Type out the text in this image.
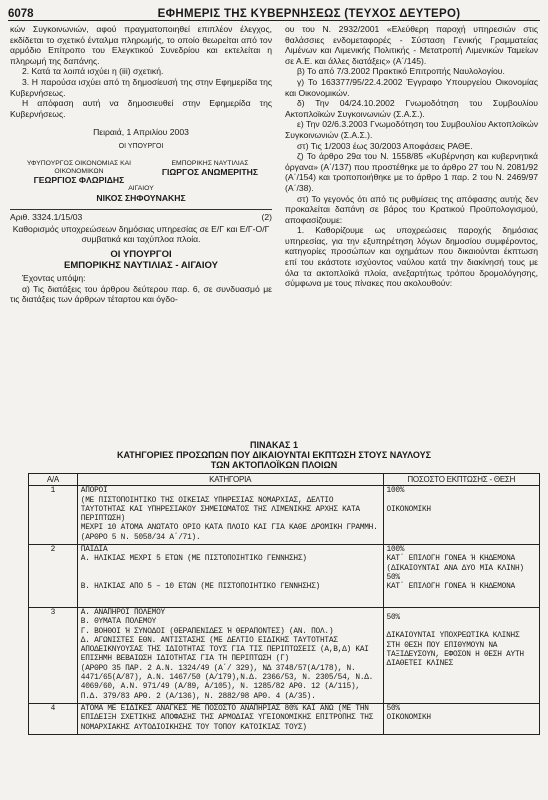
6078	ΕΦΗΜΕΡΙΣ ΤΗΣ ΚΥΒΕΡΝΗΣΕΩΣ (ΤΕΥΧΟΣ ΔΕΥΤΕΡΟ)

κών Συγκοινωνιών, αφού πραγματοποιηθεί επιπλέον έλεγχος, εκδίδεται το σχετικό ένταλμα πληρωμής, το οποίο θεωρείται από τον αρμόδιο Επίτροπο του Ελεγκτικού Συνεδρίου και εκτελείται η πληρωμή της δαπάνης.

2. Κατά τα λοιπά ισχύει η (iii) σχετική.

3. Η παρούσα ισχύει από τη δημοσίευσή της στην Εφημερίδα της Κυβερνήσεως.

Η απόφαση αυτή να δημοσιευθεί στην Εφημερίδα της Κυβερνήσεως.

Πειραιά, 1 Απριλίου 2003

ΟΙ ΥΠΟΥΡΓΟΙ

ΥΦΥΠΟΥΡΓΟΣ ΟΙΚΟΝΟΜΙΑΣ ΚΑΙ ΟΙΚΟΝΟΜΙΚΩΝ
ΓΕΩΡΓΙΟΣ ΦΛΩΡΙΔΗΣ
ΕΜΠΟΡΙΚΗΣ ΝΑΥΤΙΛΙΑΣ
ΓΙΩΡΓΟΣ ΑΝΩΜΕΡΙΤΗΣ
ΑΙΓΑΙΟΥ
ΝΙΚΟΣ ΣΗΦΟΥΝΑΚΗΣ
Αριθ. 3324.1/15/03	(2)

Καθορισμός υποχρεώσεων δημόσιας υπηρεσίας σε Ε/Γ και Ε/Γ-Ο/Γ συμβατικά και ταχύπλοα πλοία.

ΟΙ ΥΠΟΥΡΓΟΙ

ΕΜΠΟΡΙΚΗΣ ΝΑΥΤΙΛΙΑΣ - ΑΙΓΑΙΟΥ

Έχοντας υπόψη:

α) Τις διατάξεις του άρθρου δεύτερου παρ. 6, σε συνδυασμό με τις διατάξεις των άρθρων τέταρτου και όγδο-

ου του Ν. 2932/2001 «Ελεύθερη παροχή υπηρεσιών στις θαλάσσιες ενδομεταφορές - Σύσταση Γενικής Γραμματείας Λιμένων και Λιμενικής Πολιτικής - Μετατροπή Λιμενικών Ταμείων σε Α.Ε. και άλλες διατάξεις» (Α΄/145).

β) Το από 7/3.2002 Πρακτικό Επιτροπής Ναυλολογίου.

γ) Το 163377/95/22.4.2002 Έγγραφο Υπουργείου Οικονομίας και Οικονομικών.

δ) Την 04/24.10.2002 Γνωμοδότηση του Συμβουλίου Ακτοπλοϊκών Συγκοινωνιών (Σ.Α.Σ.).

ε) Την 02/6.3.2003 Γνωμοδότηση του Συμβουλίου Ακτοπλοϊκών Συγκοινωνιών (Σ.Α.Σ.).

στ) Τις 1/2003 έως 30/2003 Αποφάσεις ΡΑΘΕ.

ζ) Το άρθρο 29α του Ν. 1558/85 «Κυβέρνηση και κυβερνητικά όργανα» (Α΄/137) που προστέθηκε με το άρθρο 27 του Ν. 2081/92 (Α΄/154) και τροποποιήθηκε με το άρθρο 1 παρ. 2 του Ν. 2469/97 (Α΄/38).

στ) Το γεγονός ότι από τις ρυθμίσεις της απόφασης αυτής δεν προκαλείται δαπάνη σε βάρος του Κρατικού Προϋπολογισμού, αποφασίζουμε:

1. Καθορίζουμε ως υποχρεώσεις παροχής δημόσιας υπηρεσίας, για την εξυπηρέτηση λόγων δημοσίου συμφέροντος, κατηγορίες προσώπων και οχημάτων που δικαιούνται έκπτωση επί του εκάστοτε ισχύοντος ναύλου κατά την διακίνησή τους με όλα τα ακτοπλοϊκά πλοία, ανεξαρτήτως τρόπου δρομολόγησης, σύμφωνα με τους πίνακες που ακολουθούν:

ΠΙΝΑΚΑΣ 1
ΚΑΤΗΓΟΡΙΕΣ ΠΡΟΣΩΠΩΝ ΠΟΥ ΔΙΚΑΙΟΥΝΤΑΙ ΕΚΠΤΩΣΗ ΣΤΟΥΣ ΝΑΥΛΟΥΣ
ΤΩΝ ΑΚΤΟΠΛΟΪΚΩΝ ΠΛΟΙΩΝ
Α/Α	ΚΑΤΗΓΟΡΙΑ	ΠΟΣΟΣΤΟ ΕΚΠΤΩΣΗΣ - ΘΕΣΗ
1	ΑΠΟΡΟΙ
(ΜΕ ΠΙΣΤΟΠΟΙΗΤΙΚΟ ΤΗΣ ΟΙΚΕΙΑΣ ΥΠΗΡΕΣΙΑΣ ΝΟΜΑΡΧΙΑΣ, ΔΕΛΤΙΟ ΤΑΥΤΟΤΗΤΑΣ ΚΑΙ ΥΠΗΡΕΣΙΑΚΟΥ ΣΗΜΕΙΩΜΑΤΟΣ ΤΗΣ ΛΙΜΕΝΙΚΗΣ ΑΡΧΗΣ ΚΑΤΑ ΠΕΡΙΠΤΩΣΗ)
ΜΕΧΡΙ 10 ΑΤΟΜΑ ΑΝΩΤΑΤΟ ΟΡΙΟ ΚΑΤΑ ΠΛΟΙΟ ΚΑΙ ΓΙΑ ΚΑΘΕ ΔΡΟΜΙΚΗ ΓΡΑΜΜΗ.
(ΑΡΘΡΟ 5 Ν. 5058/34 Α΄/71).	100%
ΟΙΚΟΝΟΜΙΚΗ

2	ΠΑΙΔΙΑ
Α. ΗΛΙΚΙΑΣ ΜΕΧΡΙ 5 ΕΤΩΝ (ΜΕ ΠΙΣΤΟΠΟΙΗΤΙΚΟ ΓΕΝΝΗΣΗΣ)
Β. ΗΛΙΚΙΑΣ ΑΠΟ 5 – 10 ΕΤΩΝ (ΜΕ ΠΙΣΤΟΠΟΙΗΤΙΚΟ ΓΕΝΝΗΣΗΣ)	100%
ΚΑΤ΄ ΕΠΙΛΟΓΗ ΓΟΝΕΑ Ή ΚΗΔΕΜΟΝΑ (ΔΙΚΑΙΟΥΝΤΑΙ ΑΝΑ ΔΥΟ ΜΙΑ ΚΛΙΝΗ)
50%
ΚΑΤ΄ ΕΠΙΛΟΓΗ ΓΟΝΕΑ Ή ΚΗΔΕΜΟΝΑ

3	Α. ΑΝΑΠΗΡΟΙ ΠΟΛΕΜΟΥ
Β. ΘΥΜΑΤΑ ΠΟΛΕΜΟΥ
Γ. ΒΟΗΘΟΙ Ή ΣΥΝΟΔΟΙ (ΘΕΡΑΠΕΝΙΔΕΣ Ή ΘΕΡΑΠΟΝΤΕΣ) (ΑΝ. ΠΟΛ.)
Δ. ΑΓΩΝΙΣΤΕΣ ΕΘΝ. ΑΝΤΙΣΤΑΣΗΣ (ΜΕ ΔΕΛΤΙΟ ΕΙΔΙΚΗΣ ΤΑΥΤΟΤΗΤΑΣ ΑΠΟΔΕΙΚΝΥΟΥΣΑΣ ΤΗΣ ΙΔΙΟΤΗΤΑΣ ΤΟΥΣ ΓΙΑ ΤΙΣ ΠΕΡΙΠΤΩΣΕΙΣ (Α,Β,Δ) ΚΑΙ ΕΠΙΣΗΜΗ ΒΕΒΑΙΩΣΗ ΙΔΙΟΤΗΤΑΣ ΓΙΑ ΤΗ ΠΕΡΙΠΤΩΣΗ (Γ)
(ΑΡΘΡΟ 35 ΠΑΡ. 2 Α.Ν. 1324/49 (Α΄/ 329), ΝΔ 3748/57(Α/178), Ν. 4471/65(Α/87), Α.Ν. 1467/50 (Α/179),Ν.Δ. 2366/53, Ν. 2305/54, Ν.Δ. 4069/60, Α.Ν. 971/49 (Α/89, Α/105), Ν. 1285/82 ΑΡΘ. 12 (Α/115), Π.Δ. 379/83 ΑΡΘ. 2 (Α/136), Ν. 2882/98 ΑΡΘ. 4 (Α/35).	50%
ΔΙΚΑΙΟΥΝΤΑΙ ΥΠΟΧΡΕΩΤΙΚΑ ΚΛΙΝΗΣ ΣΤΗ ΘΕΣΗ ΠΟΥ ΕΠΙΘΥΜΟΥΝ ΝΑ ΤΑΞΙΔΕΥΣΟΥΝ, ΕΦΟΣΟΝ Η ΘΕΣΗ ΑΥΤΗ ΔΙΑΘΕΤΕΙ ΚΛΙΝΕΣ

4	ΑΤΟΜΑ ΜΕ ΕΙΔΙΚΕΣ ΑΝΑΓΚΕΣ ΜΕ ΠΟΣΟΣΤΟ ΑΝΑΠΗΡΙΑΣ 80% ΚΑΙ ΑΝΩ (ΜΕ ΤΗΝ ΕΠΙΔΕΙΞΗ ΣΧΕΤΙΚΗΣ ΑΠΟΦΑΣΗΣ ΤΗΣ ΑΡΜΟΔΙΑΣ ΥΓΕΙΟΝΟΜΙΚΗΣ ΕΠΙΤΡΟΠΗΣ ΤΗΣ ΝΟΜΑΡΧΙΑΚΗΣ ΑΥΤΟΔΙΟΙΚΗΣΗΣ ΤΟΥ ΤΟΠΟΥ ΚΑΤΟΙΚΙΑΣ ΤΟΥΣ)	50%
ΟΙΚΟΝΟΜΙΚΗ
